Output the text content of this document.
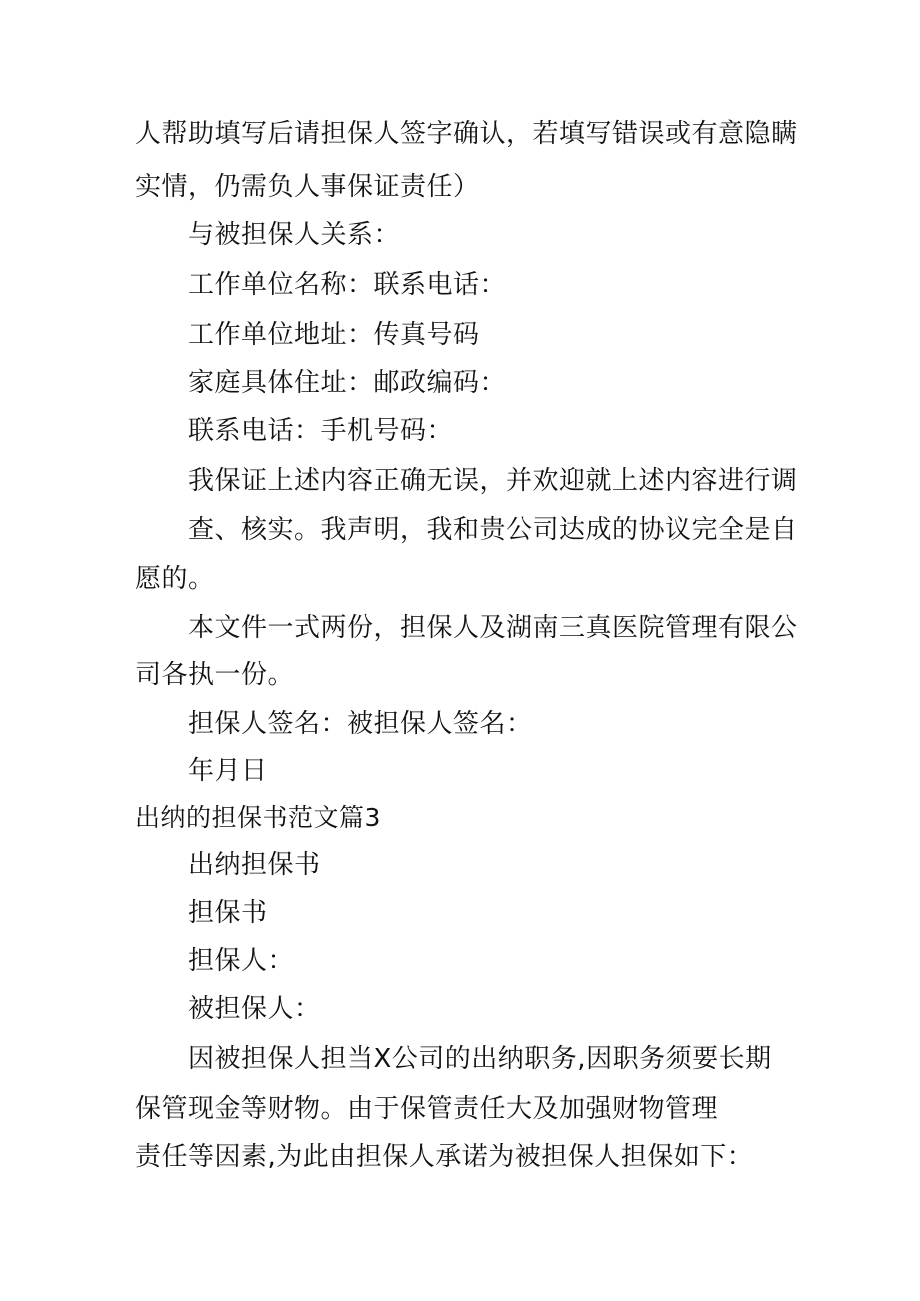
人帮助填写后请担保人签字确认，若填写错误或有意隐瞒
实情，仍需负人事保证责任）
与被担保人关系：
工作单位名称：联系电话：
工作单位地址：传真号码
家庭具体住址：邮政编码：
联系电话：手机号码：
我保证上述内容正确无误，并欢迎就上述内容进行调
查、核实。我声明，我和贵公司达成的协议完全是自
愿的。
本文件一式两份，担保人及湖南三真医院管理有限公
司各执一份。
担保人签名：被担保人签名：
年月日
出纳的担保书范文篇3
出纳担保书
担保书
担保人：
被担保人：
因被担保人担当X公司的出纳职务,因职务须要长期
保管现金等财物。由于保管责任大及加强财物管理
责任等因素,为此由担保人承诺为被担保人担保如下：
